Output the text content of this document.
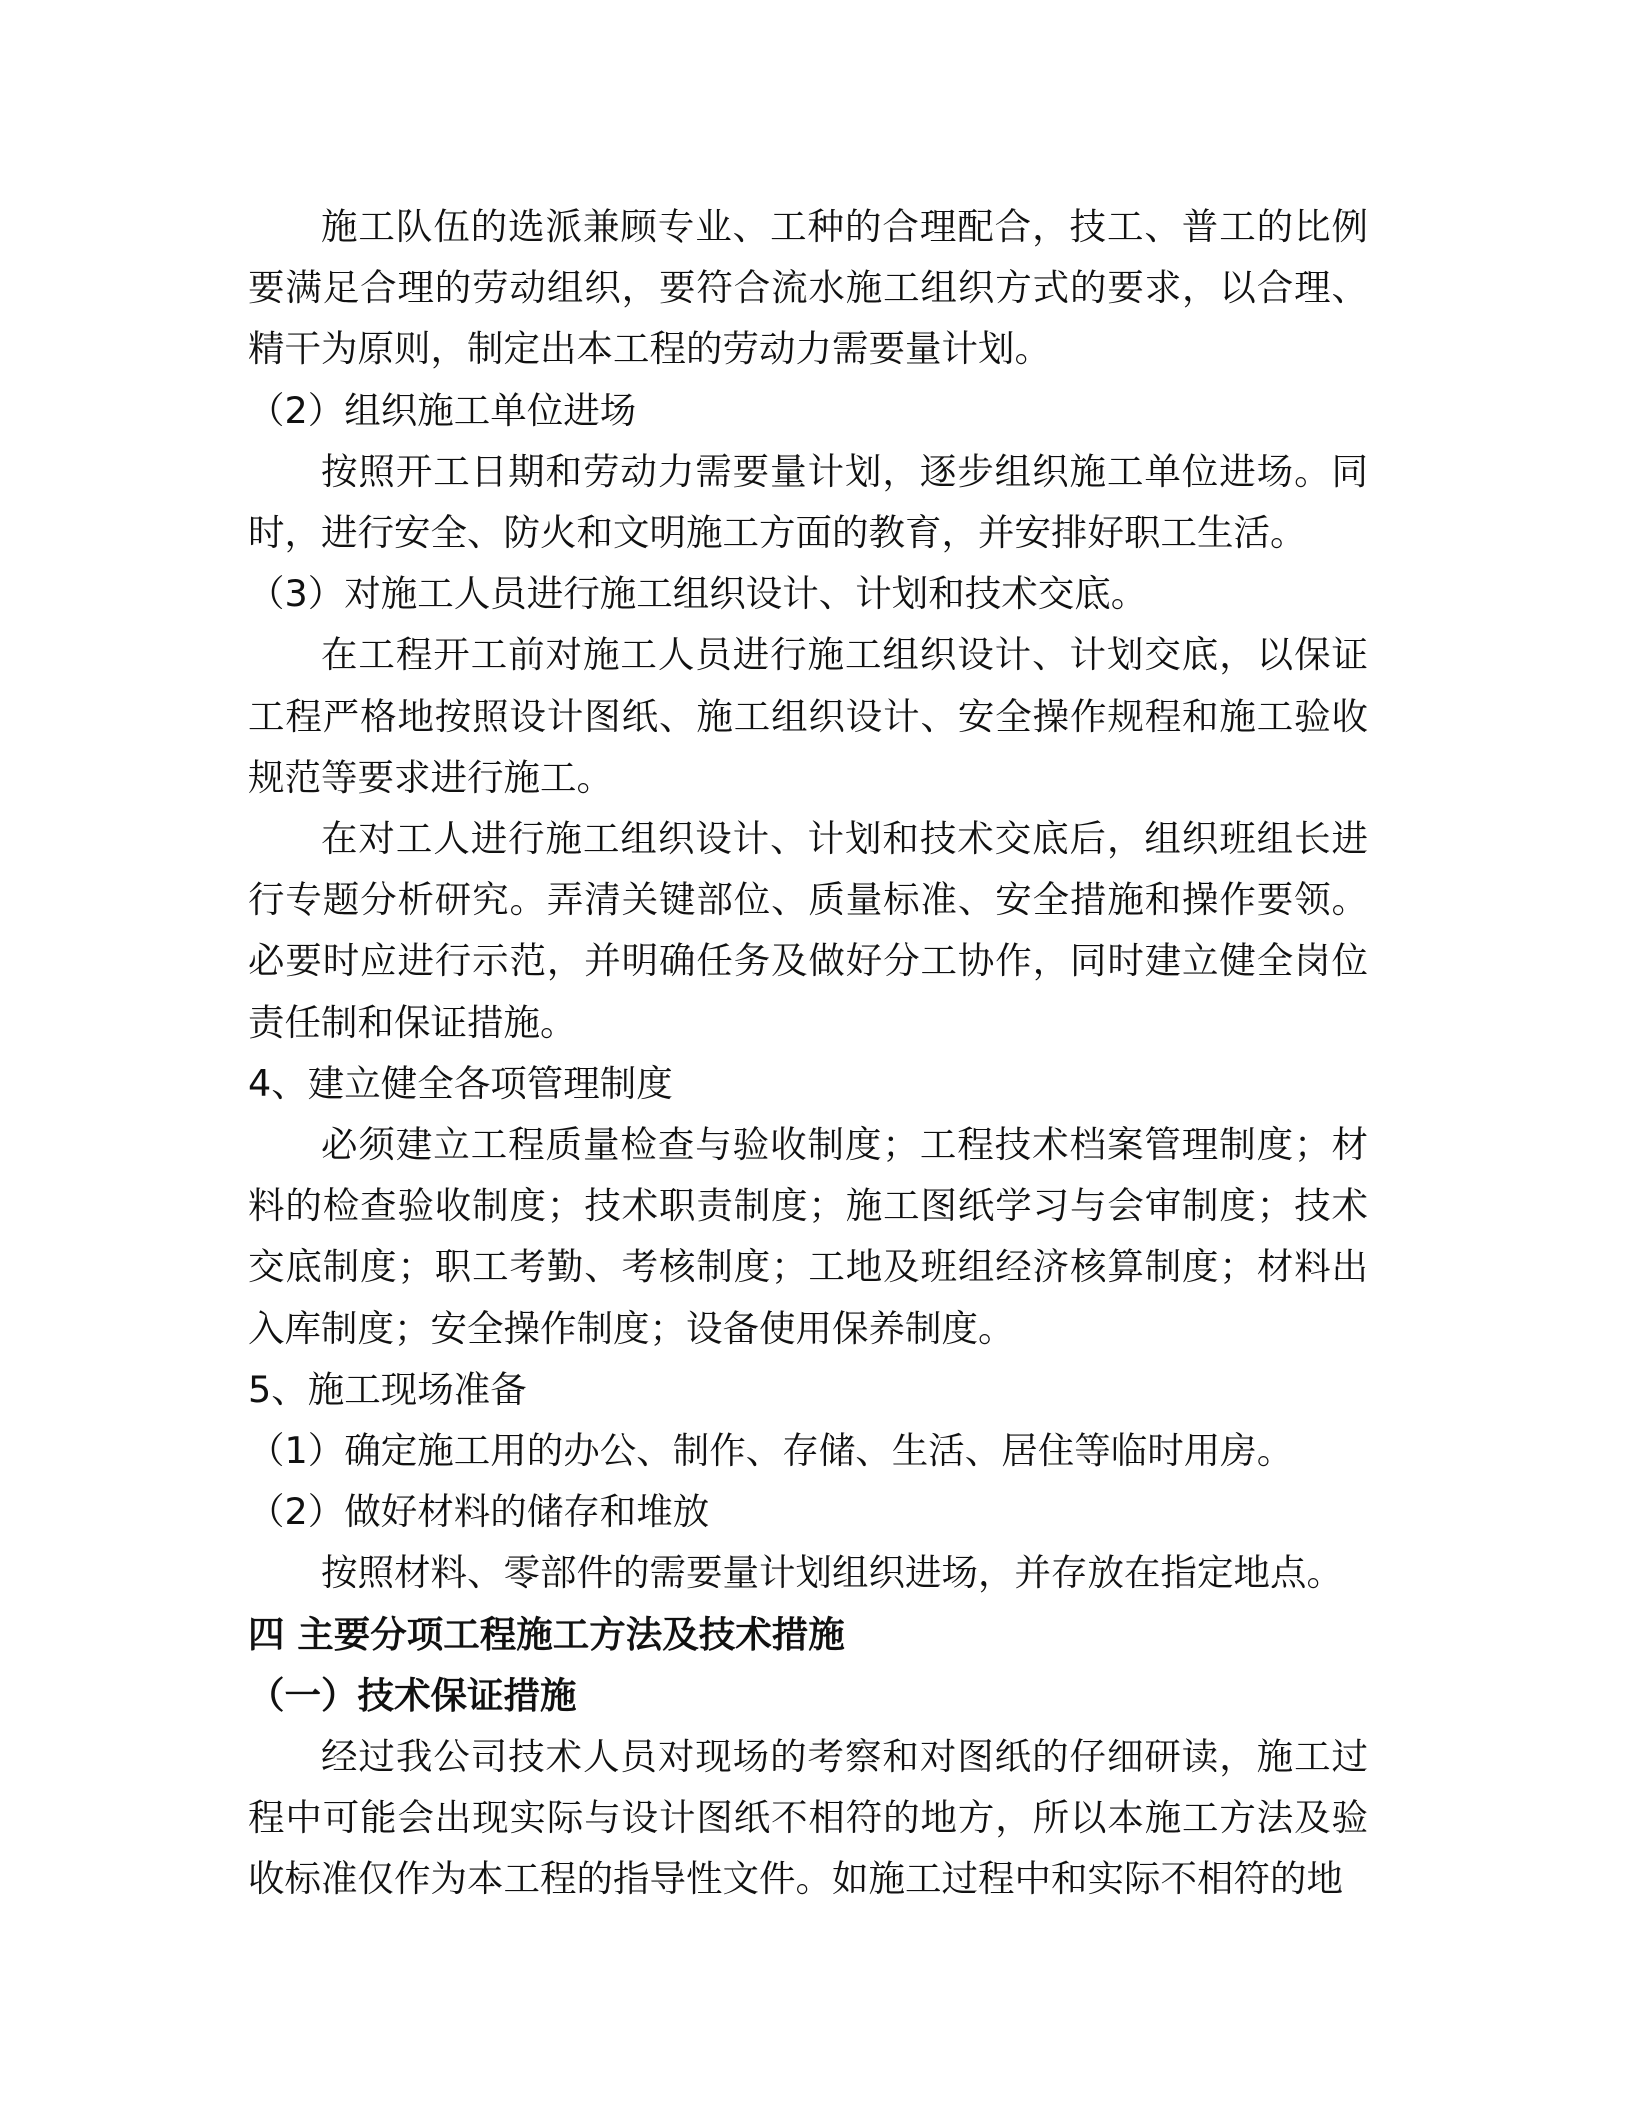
施工队伍的选派兼顾专业、工种的合理配合，技工、普工的比例要满足合理的劳动组织，要符合流水施工组织方式的要求，以合理、精干为原则，制定出本工程的劳动力需要量计划。

（2）组织施工单位进场

按照开工日期和劳动力需要量计划，逐步组织施工单位进场。同时，进行安全、防火和文明施工方面的教育，并安排好职工生活。

（3）对施工人员进行施工组织设计、计划和技术交底。

在工程开工前对施工人员进行施工组织设计、计划交底，以保证工程严格地按照设计图纸、施工组织设计、安全操作规程和施工验收规范等要求进行施工。

在对工人进行施工组织设计、计划和技术交底后，组织班组长进行专题分析研究。弄清关键部位、质量标准、安全措施和操作要领。必要时应进行示范，并明确任务及做好分工协作，同时建立健全岗位责任制和保证措施。

4、建立健全各项管理制度

必须建立工程质量检查与验收制度；工程技术档案管理制度；材料的检查验收制度；技术职责制度；施工图纸学习与会审制度；技术交底制度；职工考勤、考核制度；工地及班组经济核算制度；材料出入库制度；安全操作制度；设备使用保养制度。

5、施工现场准备

（1）确定施工用的办公、制作、存储、生活、居住等临时用房。

（2）做好材料的储存和堆放

按照材料、零部件的需要量计划组织进场，并存放在指定地点。

四 主要分项工程施工方法及技术措施

（一）技术保证措施

经过我公司技术人员对现场的考察和对图纸的仔细研读，施工过程中可能会出现实际与设计图纸不相符的地方，所以本施工方法及验收标准仅作为本工程的指导性文件。如施工过程中和实际不相符的地
